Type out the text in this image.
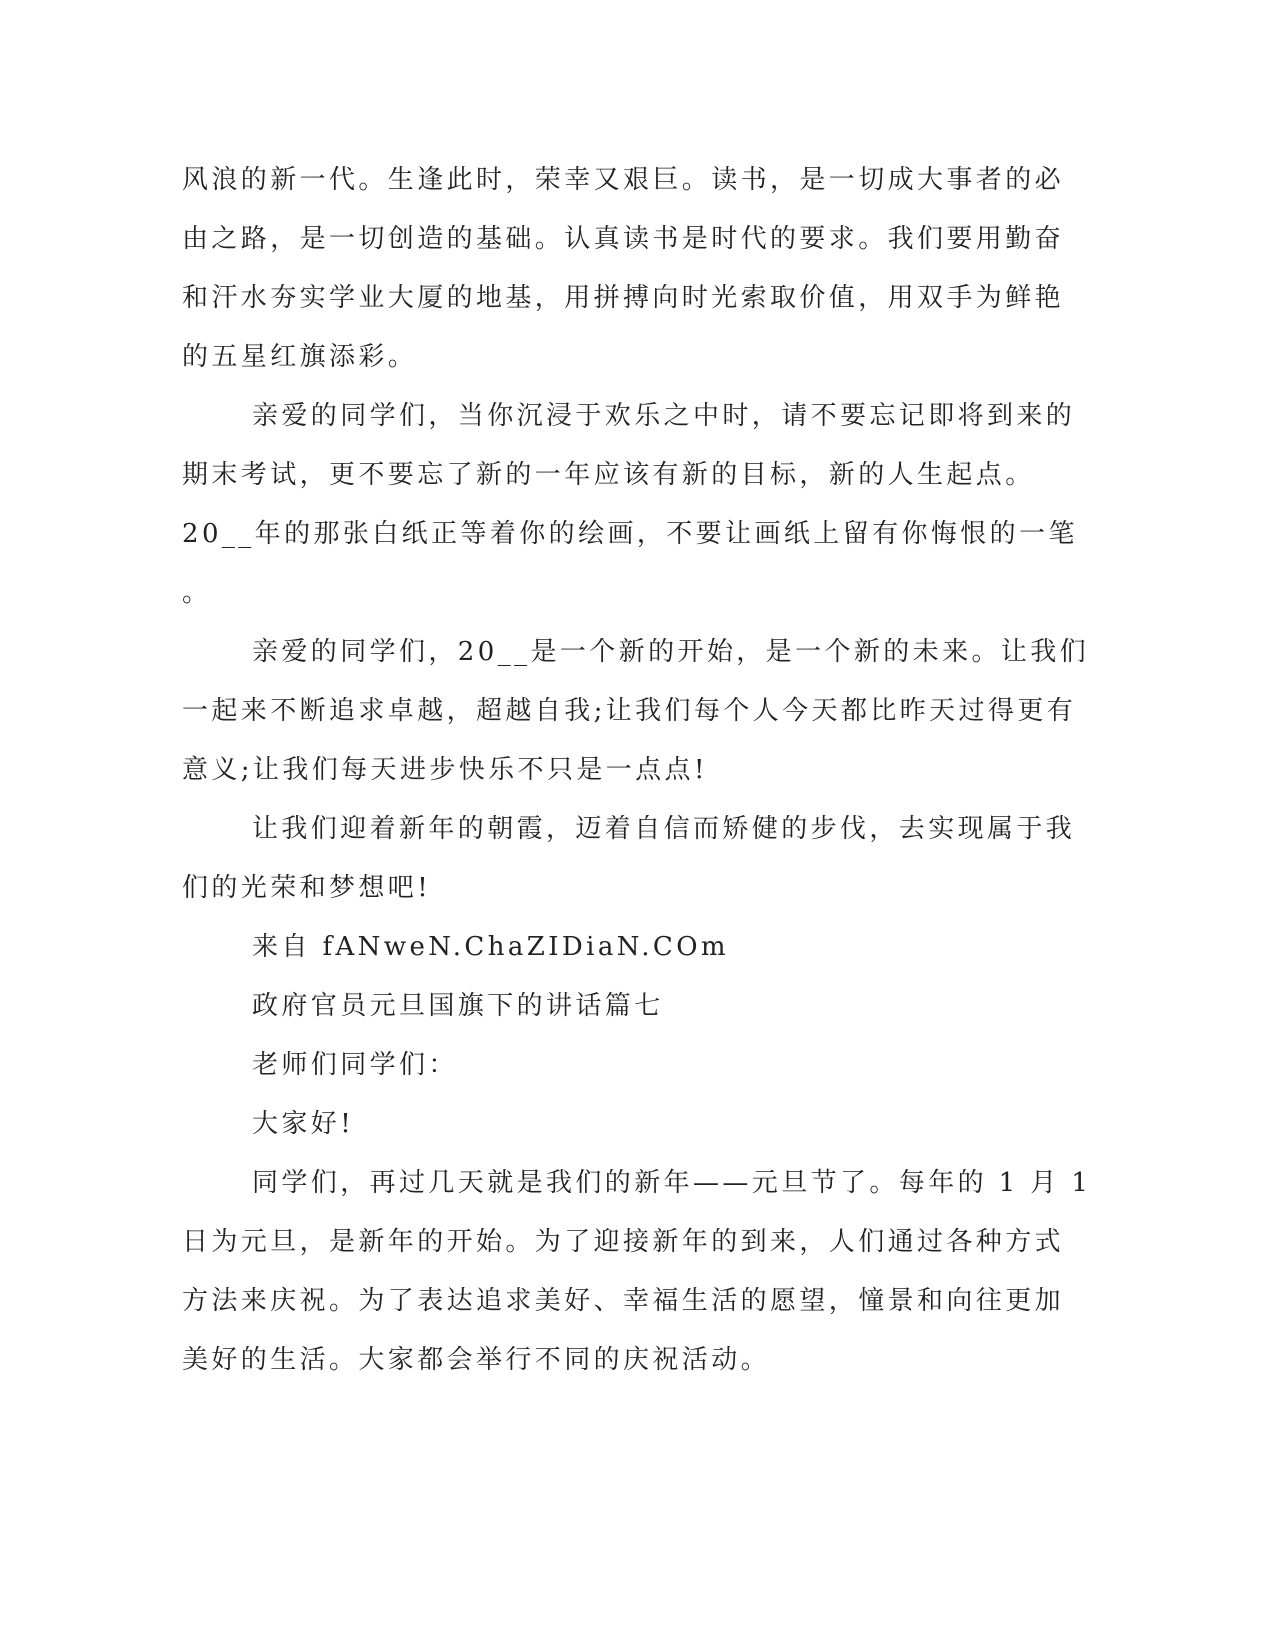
风浪的新一代。生逢此时，荣幸又艰巨。读书，是一切成大事者的必

由之路，是一切创造的基础。认真读书是时代的要求。我们要用勤奋

和汗水夯实学业大厦的地基，用拼搏向时光索取价值，用双手为鲜艳

的五星红旗添彩。

亲爱的同学们，当你沉浸于欢乐之中时，请不要忘记即将到来的

期末考试，更不要忘了新的一年应该有新的目标，新的人生起点。

20__年的那张白纸正等着你的绘画，不要让画纸上留有你悔恨的一笔

。

亲爱的同学们，20__是一个新的开始，是一个新的未来。让我们

一起来不断追求卓越，超越自我;让我们每个人今天都比昨天过得更有

意义;让我们每天进步快乐不只是一点点!

让我们迎着新年的朝霞，迈着自信而矫健的步伐，去实现属于我

们的光荣和梦想吧!

来自 fANweN.ChaZIDiaN.COm

政府官员元旦国旗下的讲话篇七

老师们同学们：

大家好!

同学们，再过几天就是我们的新年——元旦节了。每年的 1 月 1

日为元旦，是新年的开始。为了迎接新年的到来，人们通过各种方式

方法来庆祝。为了表达追求美好、幸福生活的愿望，憧景和向往更加

美好的生活。大家都会举行不同的庆祝活动。
